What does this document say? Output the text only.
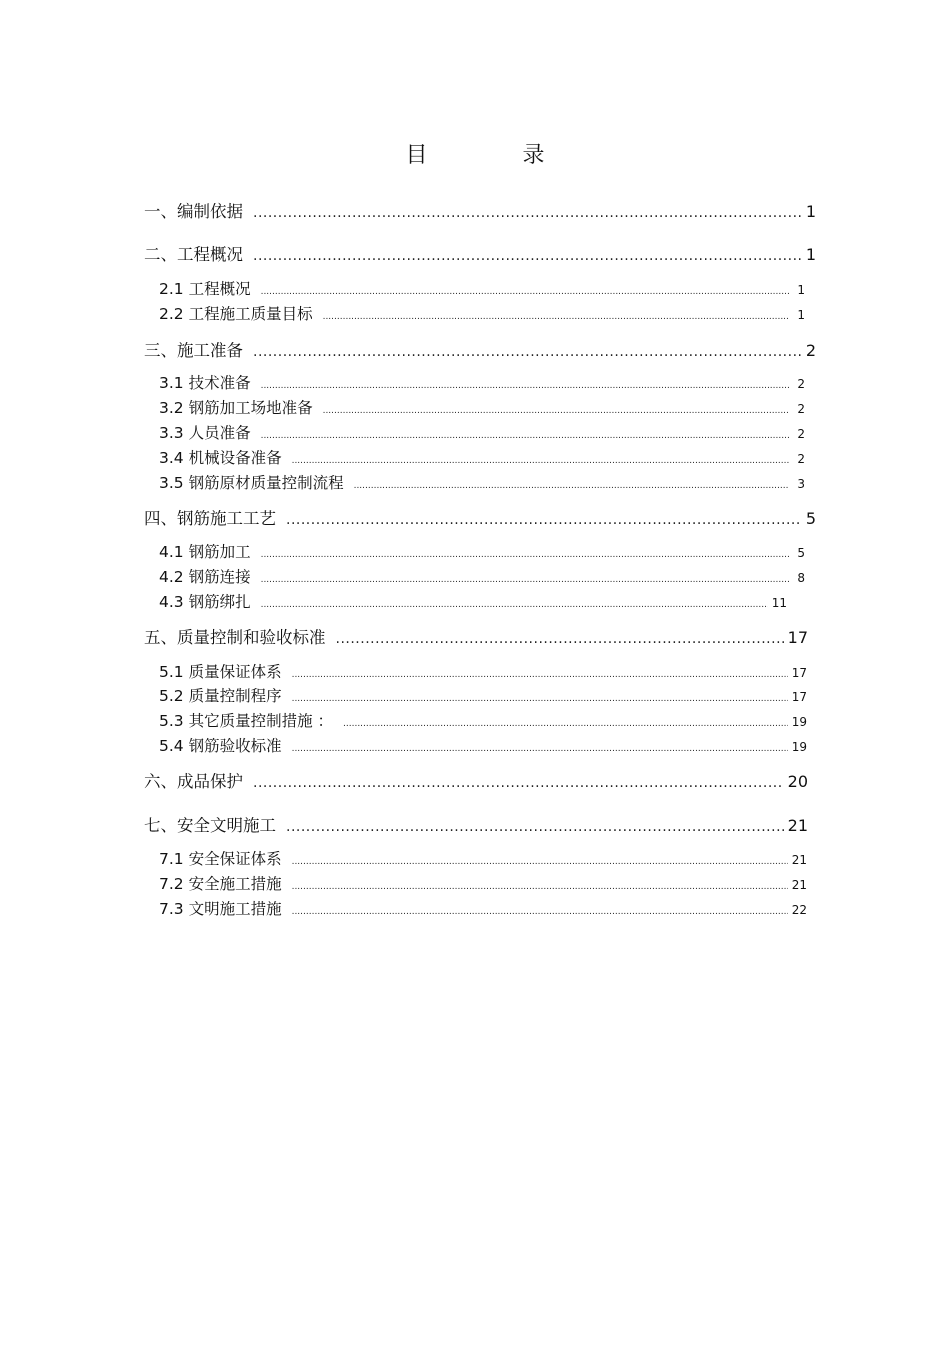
目 录
一、编制依据 .....	1
二、工程概况 .....	1
2.1 工程概况 .....	1
2.2 工程施工质量目标 .....	1
三、施工准备 .....	2
3.1 技术准备 .....	2
3.2 钢筋加工场地准备 .....	2
3.3 人员准备 .....	2
3.4 机械设备准备 .....	2
3.5 钢筋原材质量控制流程 .....	3
四、钢筋施工工艺 .....	5
4.1 钢筋加工 .....	5
4.2 钢筋连接 .....	8
4.3 钢筋绑扎 .....	11
五、质量控制和验收标准 .....	17
5.1 质量保证体系 .....	17
5.2 质量控制程序 .....	17
5.3 其它质量控制措施 ： .....	19
5.4 钢筋验收标准 .....	19
六、成品保护 .....	20
七、安全文明施工 .....	21
7.1 安全保证体系 .....	21
7.2 安全施工措施 .....	21
7.3 文明施工措施 .....	22
